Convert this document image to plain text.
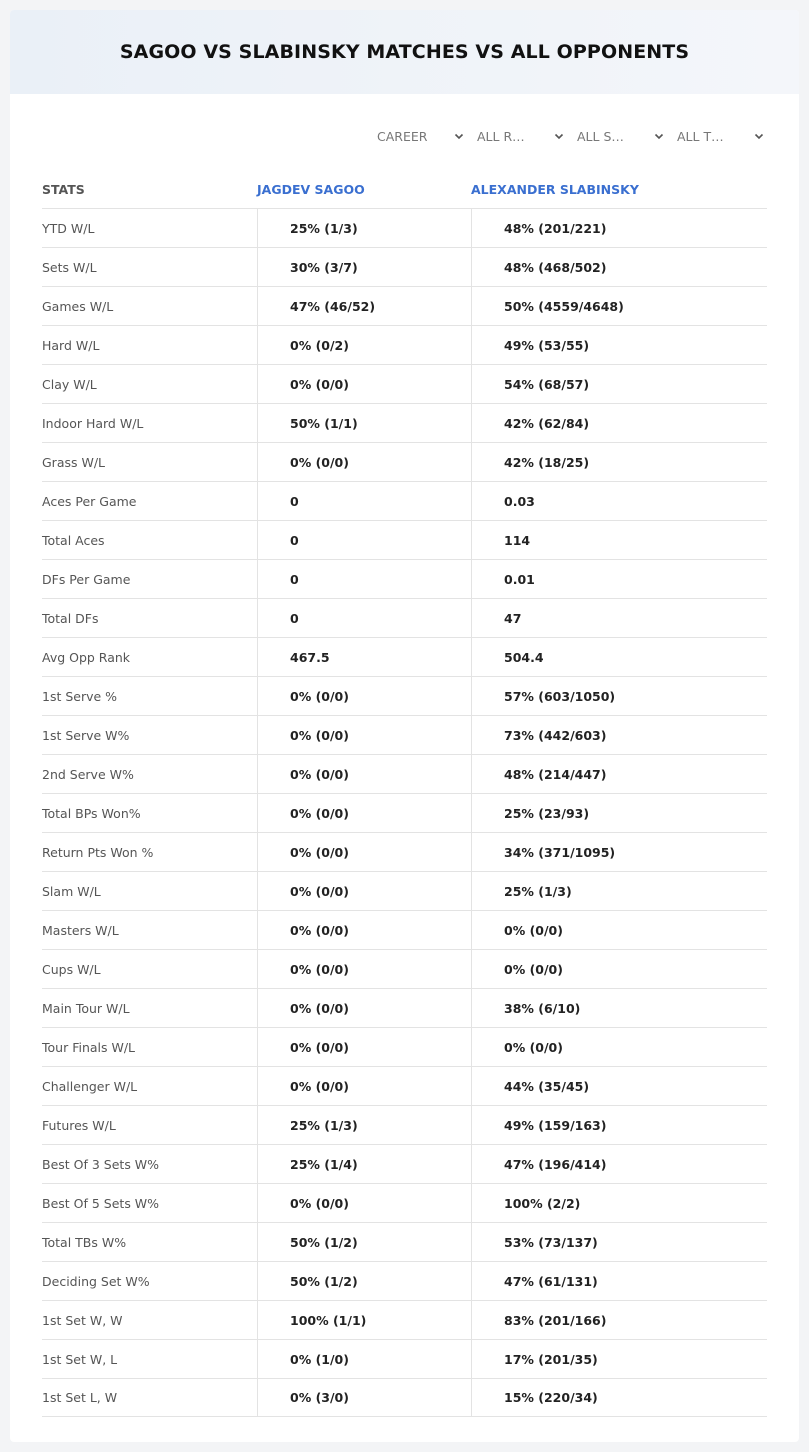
SAGOO VS SLABINSKY MATCHES VS ALL OPPONENTS
CAREER	ALL R…	ALL S…	ALL T…
STATS	JAGDEV SAGOO	ALEXANDER SLABINSKY
YTD W/L	25% (1/3)	48% (201/221)
Sets W/L	30% (3/7)	48% (468/502)
Games W/L	47% (46/52)	50% (4559/4648)
Hard W/L	0% (0/2)	49% (53/55)
Clay W/L	0% (0/0)	54% (68/57)
Indoor Hard W/L	50% (1/1)	42% (62/84)
Grass W/L	0% (0/0)	42% (18/25)
Aces Per Game	0	0.03
Total Aces	0	114
DFs Per Game	0	0.01
Total DFs	0	47
Avg Opp Rank	467.5	504.4
1st Serve %	0% (0/0)	57% (603/1050)
1st Serve W%	0% (0/0)	73% (442/603)
2nd Serve W%	0% (0/0)	48% (214/447)
Total BPs Won%	0% (0/0)	25% (23/93)
Return Pts Won %	0% (0/0)	34% (371/1095)
Slam W/L	0% (0/0)	25% (1/3)
Masters W/L	0% (0/0)	0% (0/0)
Cups W/L	0% (0/0)	0% (0/0)
Main Tour W/L	0% (0/0)	38% (6/10)
Tour Finals W/L	0% (0/0)	0% (0/0)
Challenger W/L	0% (0/0)	44% (35/45)
Futures W/L	25% (1/3)	49% (159/163)
Best Of 3 Sets W%	25% (1/4)	47% (196/414)
Best Of 5 Sets W%	0% (0/0)	100% (2/2)
Total TBs W%	50% (1/2)	53% (73/137)
Deciding Set W%	50% (1/2)	47% (61/131)
1st Set W, W	100% (1/1)	83% (201/166)
1st Set W, L	0% (1/0)	17% (201/35)
1st Set L, W	0% (3/0)	15% (220/34)
